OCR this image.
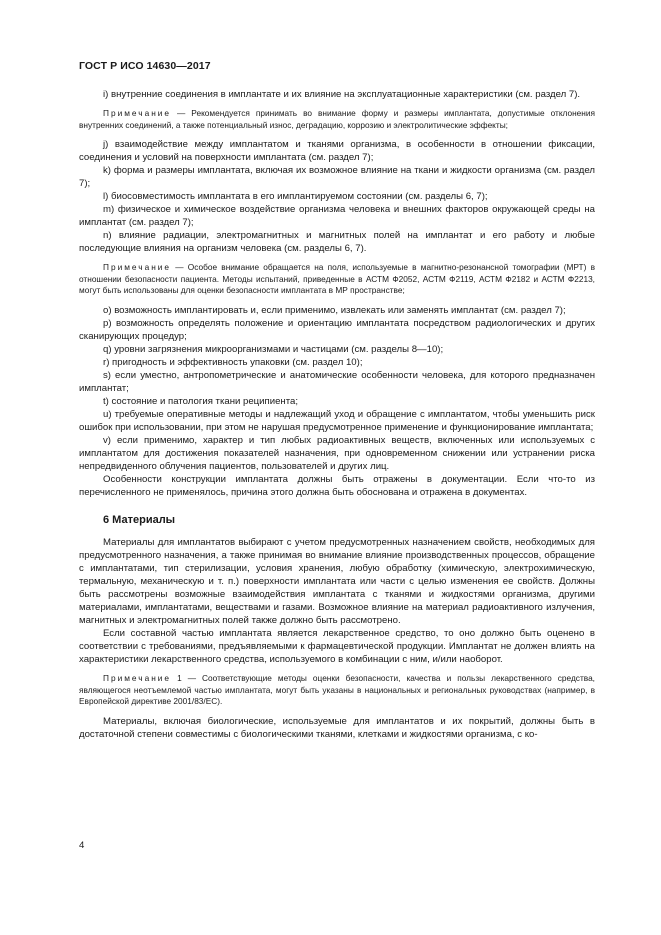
ГОСТ Р ИСО 14630—2017

i) внутренние соединения в имплантате и их влияние на эксплуатационные характеристики (см. раздел 7).

Примечание — Рекомендуется принимать во внимание форму и размеры имплантата, допустимые отклонения внутренних соединений, а также потенциальный износ, деградацию, коррозию и электролитические эффекты;

j) взаимодействие между имплантатом и тканями организма, в особенности в отношении фиксации, соединения и условий на поверхности имплантата (см. раздел 7);

k) форма и размеры имплантата, включая их возможное влияние на ткани и жидкости организма (см. раздел 7);

l) биосовместимость имплантата в его имплантируемом состоянии (см. разделы 6, 7);

m) физическое и химическое воздействие организма человека и внешних факторов окружающей среды на имплантат (см. раздел 7);

n) влияние радиации, электромагнитных и магнитных полей на имплантат и его работу и любые последующие влияния на организм человека (см. разделы 6, 7).

Примечание — Особое внимание обращается на поля, используемые в магнитно-резонансной томографии (МРТ) в отношении безопасности пациента. Методы испытаний, приведенные в АСТМ Ф2052, АСТМ Ф2119, АСТМ Ф2182 и АСТМ Ф2213, могут быть использованы для оценки безопасности имплантата в МР пространстве;

o) возможность имплантировать и, если применимо, извлекать или заменять имплантат (см. раздел 7);

p) возможность определять положение и ориентацию имплантата посредством радиологических и других сканирующих процедур;

q) уровни загрязнения микроорганизмами и частицами (см. разделы 8—10);

r) пригодность и эффективность упаковки (см. раздел 10);

s) если уместно, антропометрические и анатомические особенности человека, для которого предназначен имплантат;

t) состояние и патология ткани реципиента;

u) требуемые оперативные методы и надлежащий уход и обращение с имплантатом, чтобы уменьшить риск ошибок при использовании, при этом не нарушая предусмотренное применение и функционирование имплантата;

v) если применимо, характер и тип любых радиоактивных веществ, включенных или используемых с имплантатом для достижения показателей назначения, при одновременном снижении или устранении риска непредвиденного облучения пациентов, пользователей и других лиц.

Особенности конструкции имплантата должны быть отражены в документации. Если что-то из перечисленного не применялось, причина этого должна быть обоснована и отражена в документах.

6 Материалы

Материалы для имплантатов выбирают с учетом предусмотренных назначением свойств, необходимых для предусмотренного назначения, а также принимая во внимание влияние производственных процессов, обращение с имплантатами, тип стерилизации, условия хранения, любую обработку (химическую, электрохимическую, термальную, механическую и т. п.) поверхности имплантата или части с целью изменения ее свойств. Должны быть рассмотрены возможные взаимодействия имплантата с тканями и жидкостями организма, другими материалами, имплантатами, веществами и газами. Возможное влияние на материал радиоактивного излучения, магнитных и электромагнитных полей также должно быть рассмотрено.

Если составной частью имплантата является лекарственное средство, то оно должно быть оценено в соответствии с требованиями, предъявляемыми к фармацевтической продукции. Имплантат не должен влиять на характеристики лекарственного средства, используемого в комбинации с ним, и/или наоборот.

Примечание 1 — Соответствующие методы оценки безопасности, качества и пользы лекарственного средства, являющегося неотъемлемой частью имплантата, могут быть указаны в национальных и региональных руководствах (например, в Европейской директиве 2001/83/EC).

Материалы, включая биологические, используемые для имплантатов и их покрытий, должны быть в достаточной степени совместимы с биологическими тканями, клетками и жидкостями организма, с ко-

4
